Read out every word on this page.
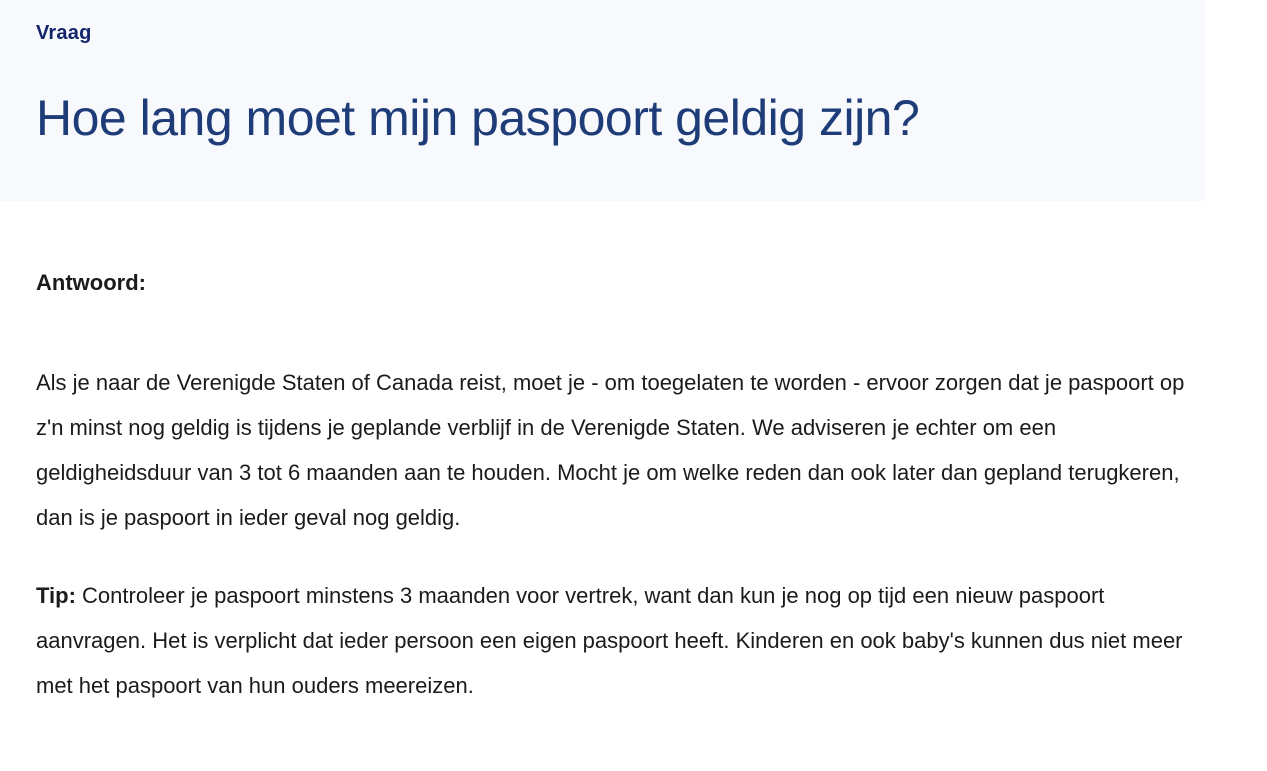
Vraag
Hoe lang moet mijn paspoort geldig zijn?
Antwoord:

Als je naar de Verenigde Staten of Canada reist, moet je - om toegelaten te worden - ervoor zorgen dat je paspoort op z'n minst nog geldig is tijdens je geplande verblijf in de Verenigde Staten. We adviseren je echter om een geldigheidsduur van 3 tot 6 maanden aan te houden. Mocht je om welke reden dan ook later dan gepland terugkeren, dan is je paspoort in ieder geval nog geldig.

Tip: Controleer je paspoort minstens 3 maanden voor vertrek, want dan kun je nog op tijd een nieuw paspoort aanvragen. Het is verplicht dat ieder persoon een eigen paspoort heeft. Kinderen en ook baby's kunnen dus niet meer met het paspoort van hun ouders meereizen.
